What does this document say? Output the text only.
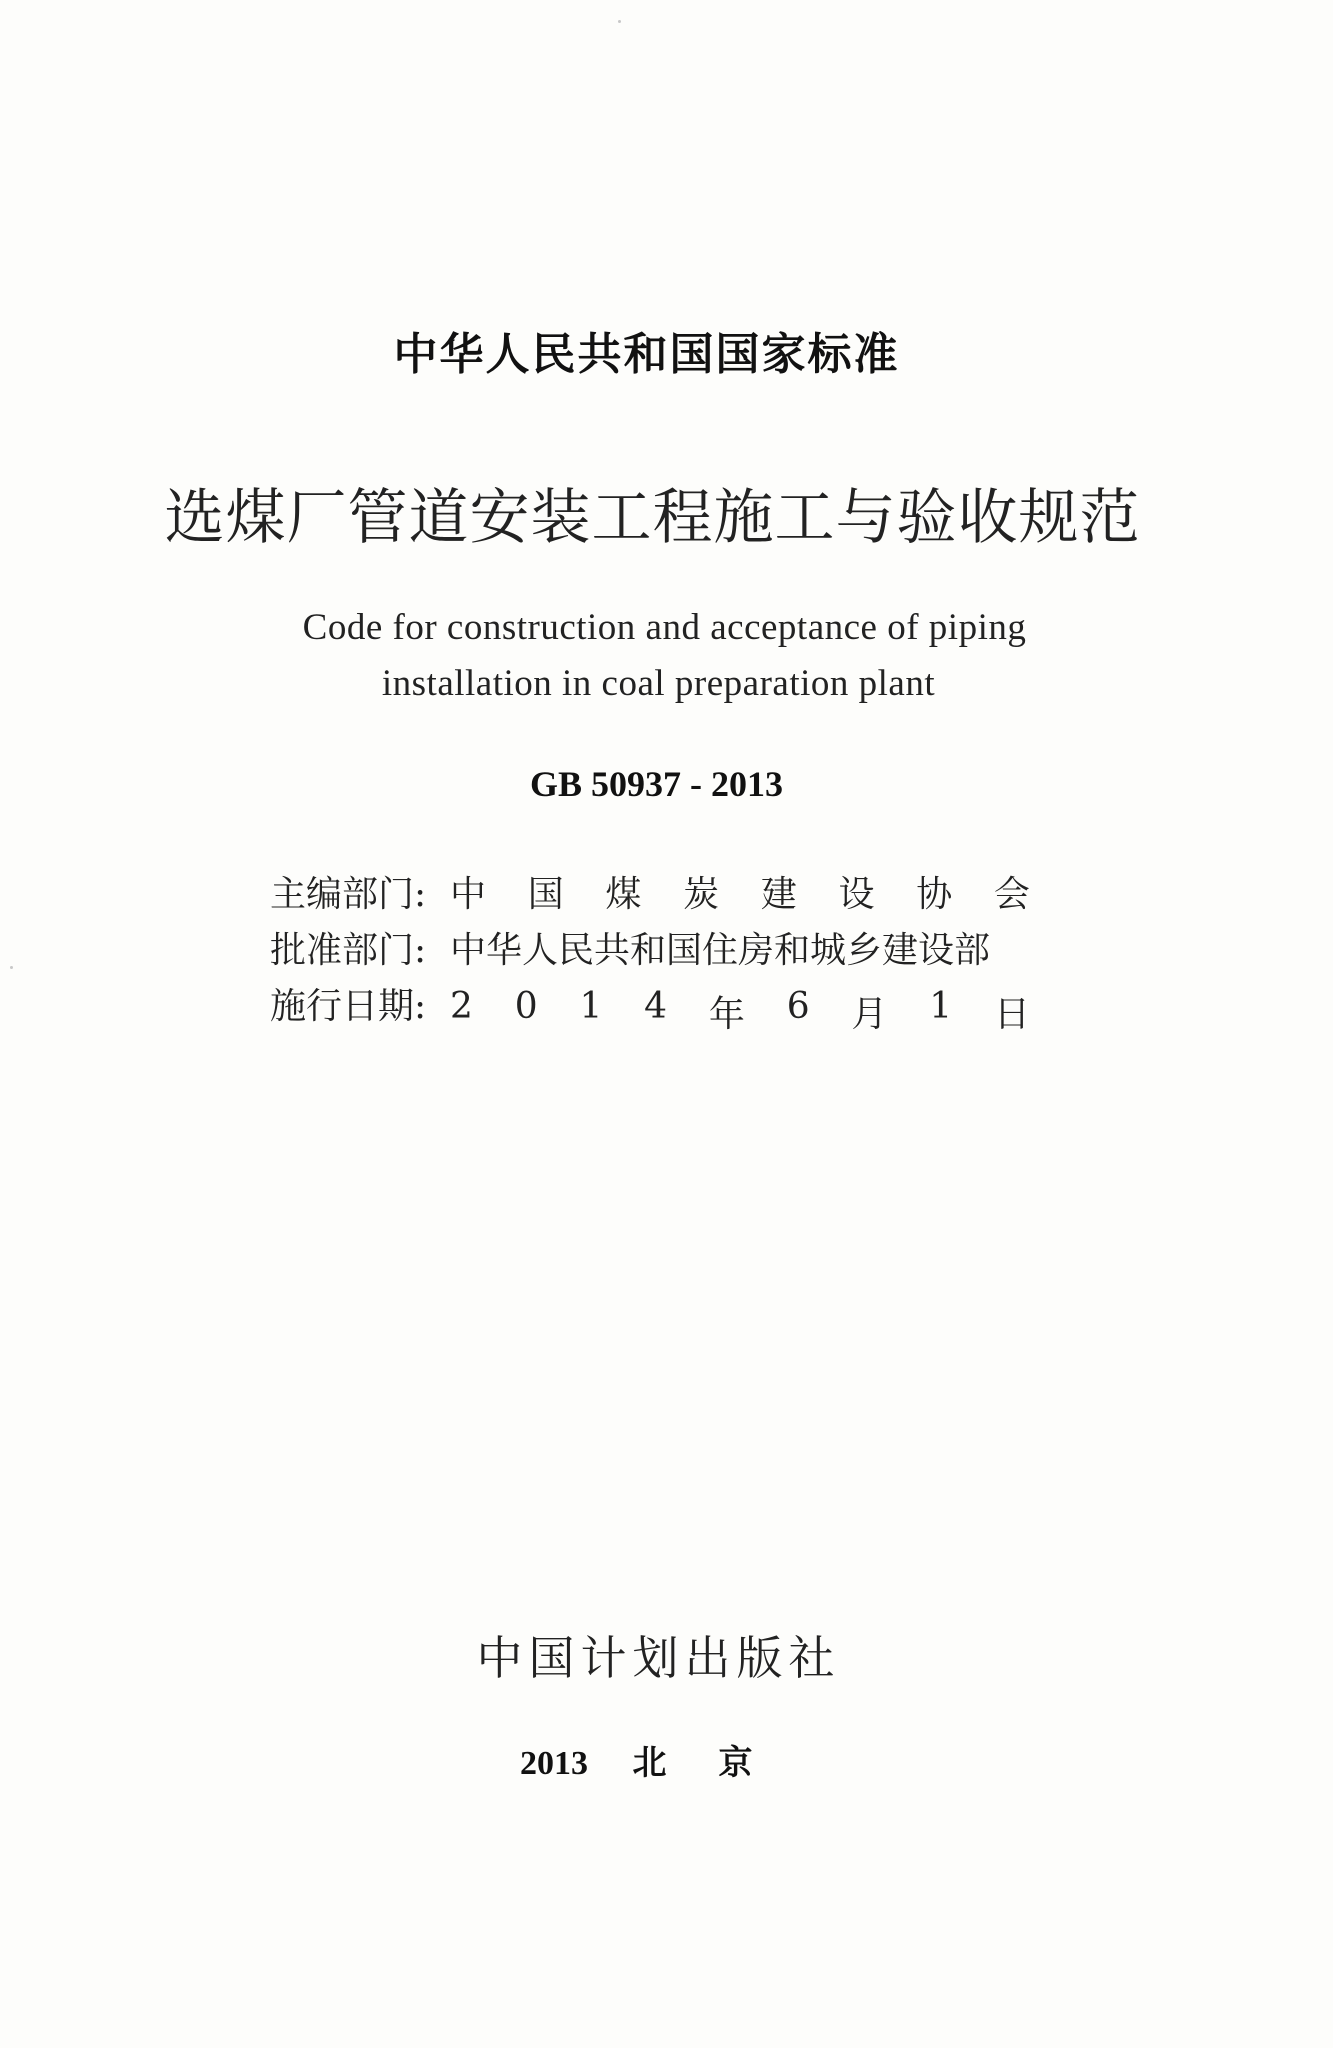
中华人民共和国国家标准
选煤厂管道安装工程施工与验收规范
Code for construction and acceptance of piping
installation in coal preparation plant
GB 50937 - 2013
主编部门: 中 国 煤 炭 建 设 协 会
批准部门: 中华人民共和国住房和城乡建设部
施行日期: 2 0 1 4 年 6 月 1 日
中国计划出版社
2013 北京
